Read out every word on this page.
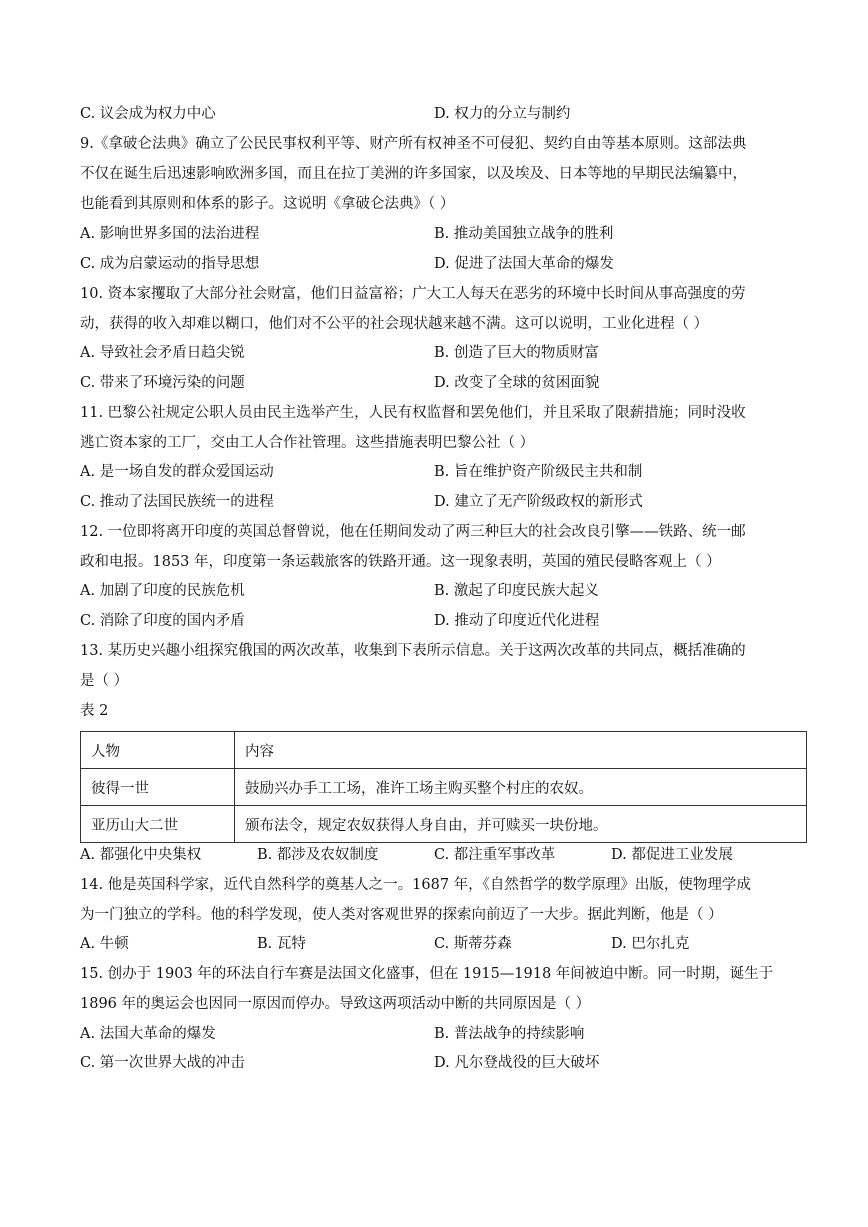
C. 议会成为权力中心	D. 权力的分立与制约
9.《拿破仑法典》确立了公民民事权利平等、财产所有权神圣不可侵犯、契约自由等基本原则。这部法典
不仅在诞生后迅速影响欧洲多国，而且在拉丁美洲的许多国家，以及埃及、日本等地的早期民法编纂中，
也能看到其原则和体系的影子。这说明《拿破仑法典》（ ）
A. 影响世界多国的法治进程	B. 推动美国独立战争的胜利
C. 成为启蒙运动的指导思想	D. 促进了法国大革命的爆发
10. 资本家攫取了大部分社会财富，他们日益富裕；广大工人每天在恶劣的环境中长时间从事高强度的劳
动，获得的收入却难以糊口，他们对不公平的社会现状越来越不满。这可以说明，工业化进程（ ）
A. 导致社会矛盾日趋尖锐	B. 创造了巨大的物质财富
C. 带来了环境污染的问题	D. 改变了全球的贫困面貌
11. 巴黎公社规定公职人员由民主选举产生，人民有权监督和罢免他们，并且采取了限薪措施；同时没收
逃亡资本家的工厂，交由工人合作社管理。这些措施表明巴黎公社（ ）
A. 是一场自发的群众爱国运动	B. 旨在维护资产阶级民主共和制
C. 推动了法国民族统一的进程	D. 建立了无产阶级政权的新形式
12. 一位即将离开印度的英国总督曾说，他在任期间发动了两三种巨大的社会改良引擎——铁路、统一邮
政和电报。1853 年，印度第一条运载旅客的铁路开通。这一现象表明，英国的殖民侵略客观上（ ）
A. 加剧了印度的民族危机	B. 激起了印度民族大起义
C. 消除了印度的国内矛盾	D. 推动了印度近代化进程
13. 某历史兴趣小组探究俄国的两次改革，收集到下表所示信息。关于这两次改革的共同点，概括准确的
是（ ）
表 2
人物	内容
彼得一世	鼓励兴办手工工场，准许工场主购买整个村庄的农奴。
亚历山大二世	颁布法令，规定农奴获得人身自由，并可赎买一块份地。
A. 都强化中央集权	B. 都涉及农奴制度	C. 都注重军事改革	D. 都促进工业发展
14. 他是英国科学家，近代自然科学的奠基人之一。1687 年，《自然哲学的数学原理》出版，使物理学成
为一门独立的学科。他的科学发现，使人类对客观世界的探索向前迈了一大步。据此判断，他是（ ）
A. 牛顿	B. 瓦特	C. 斯蒂芬森	D. 巴尔扎克
15. 创办于 1903 年的环法自行车赛是法国文化盛事，但在 1915—1918 年间被迫中断。同一时期，诞生于
1896 年的奥运会也因同一原因而停办。导致这两项活动中断的共同原因是（ ）
A. 法国大革命的爆发	B. 普法战争的持续影响
C. 第一次世界大战的冲击	D. 凡尔登战役的巨大破坏
